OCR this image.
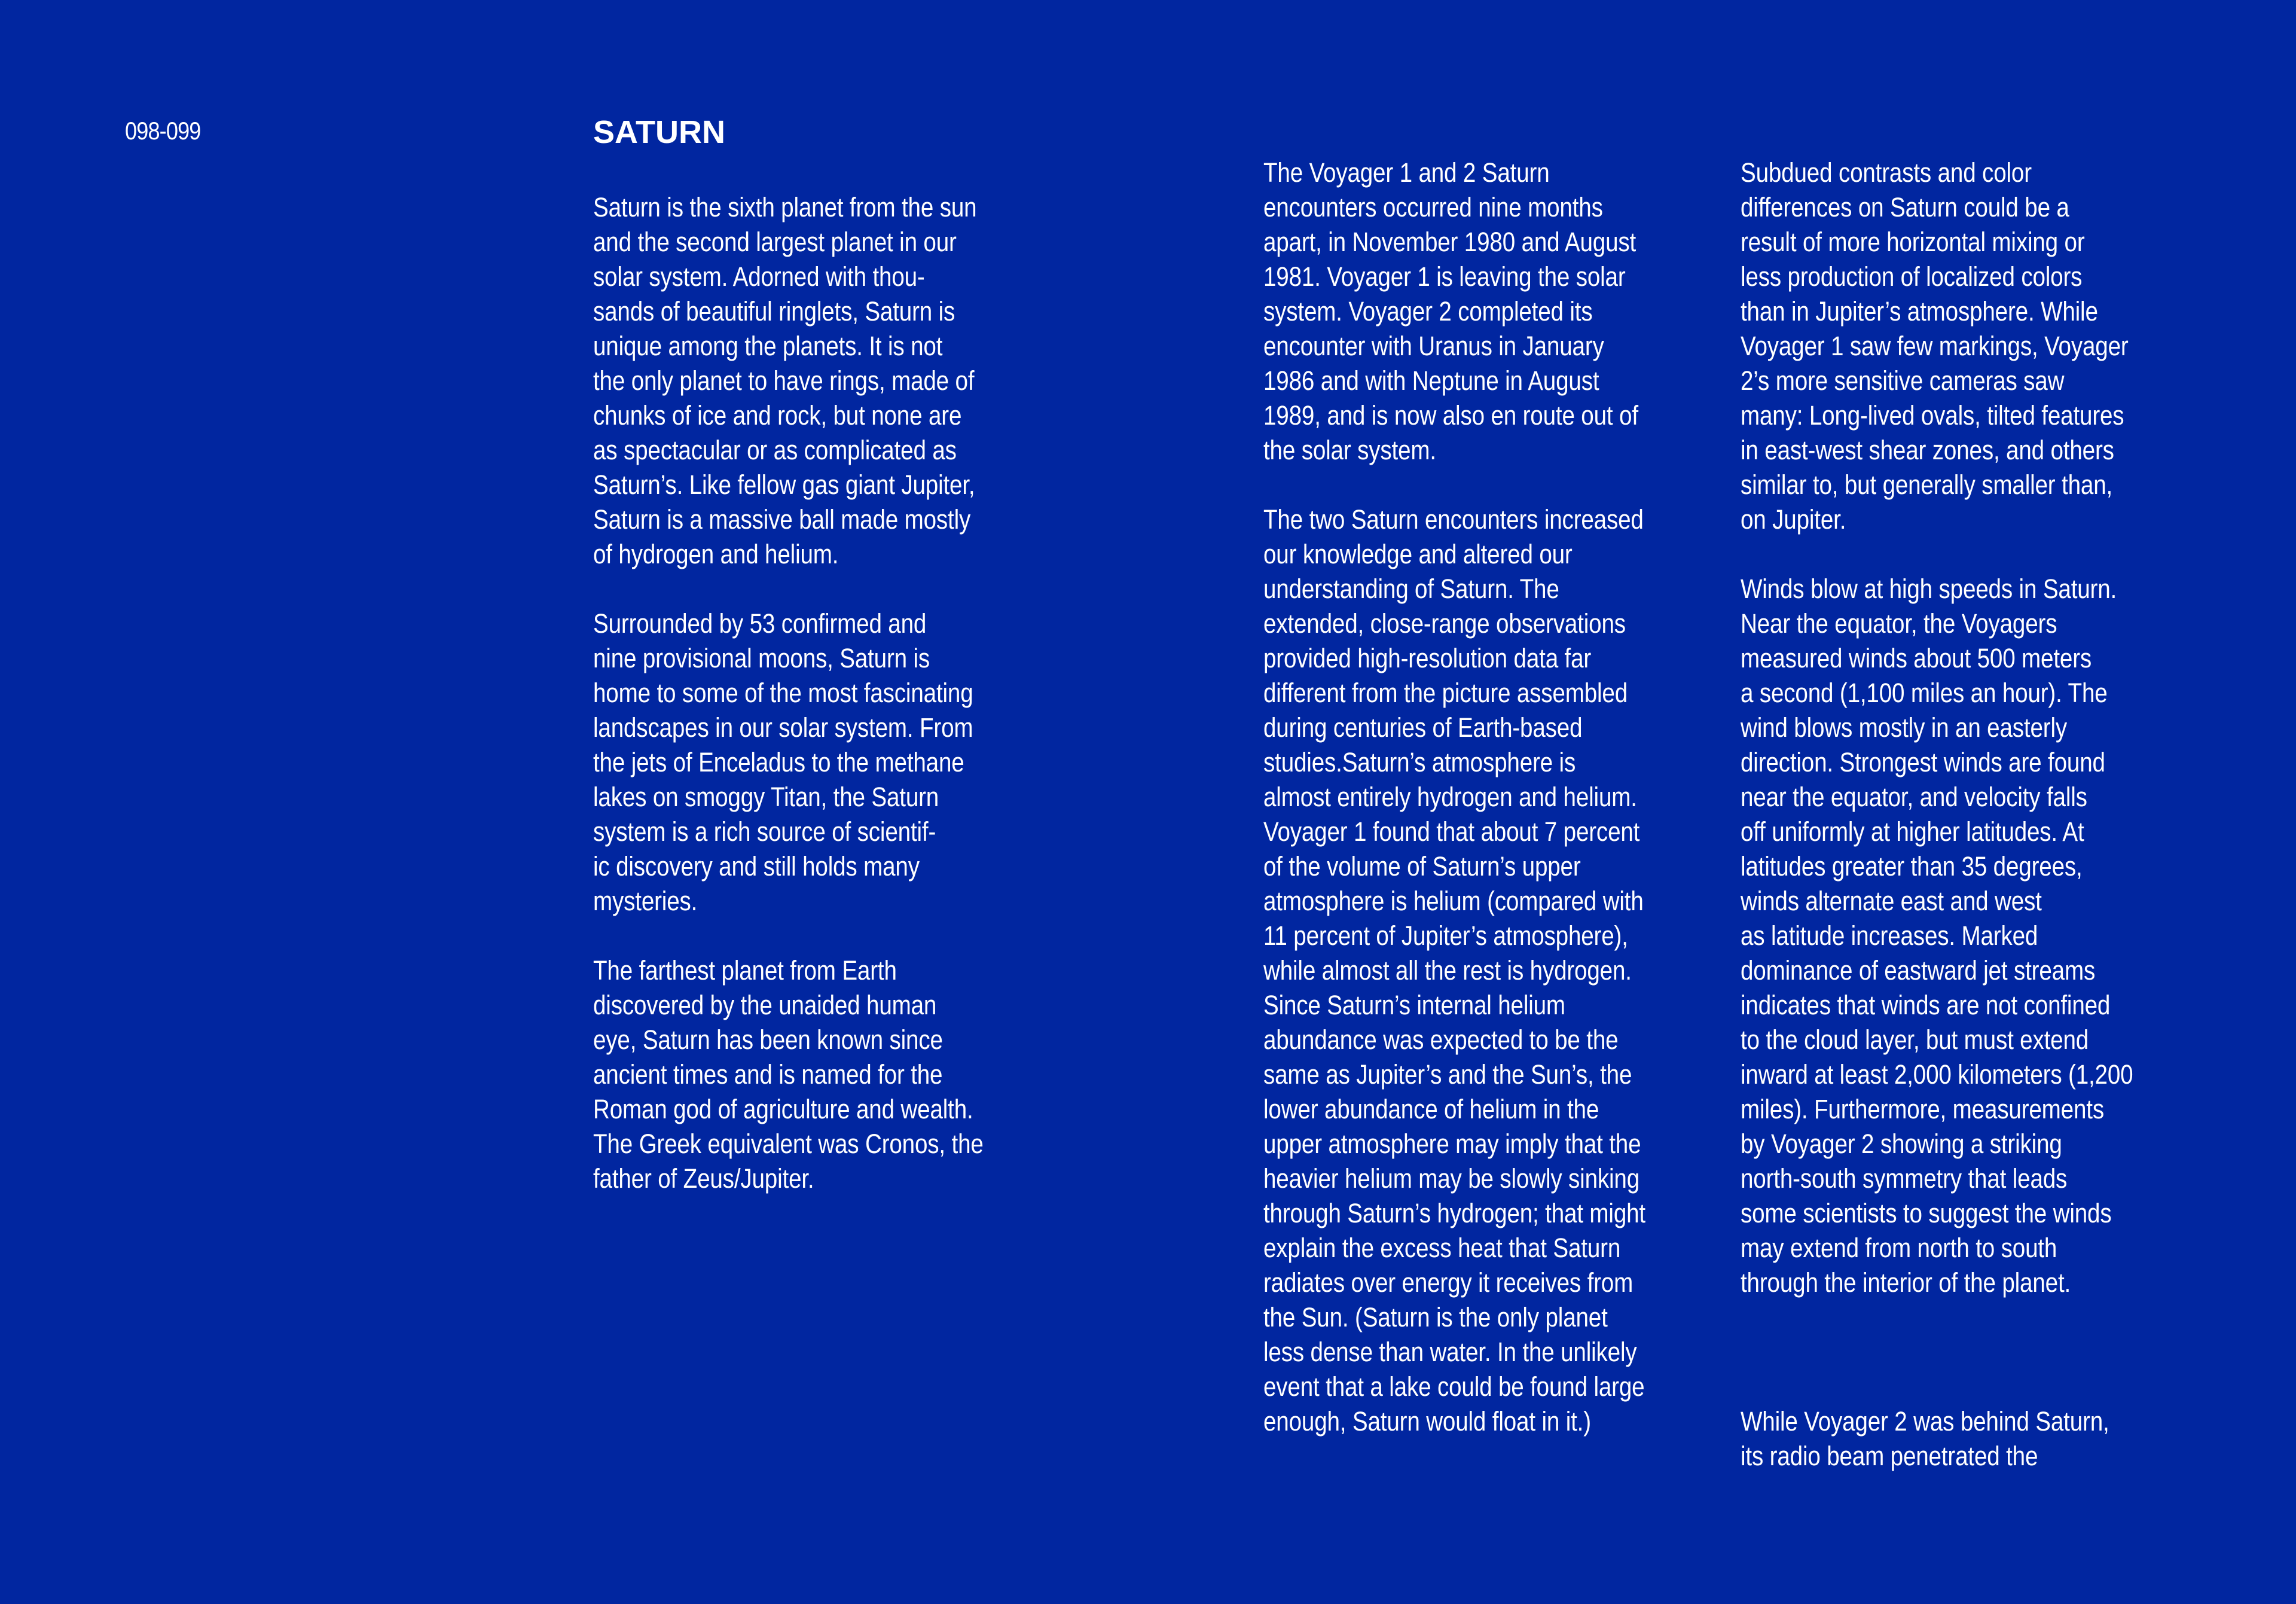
098-099	SATURN

Saturn is the sixth planet from the sun
and the second largest planet in our
solar system. Adorned with thou-
sands of beautiful ringlets, Saturn is
unique among the planets. It is not
the only planet to have rings, made of
chunks of ice and rock, but none are
as spectacular or as complicated as
Saturn’s. Like fellow gas giant Jupiter,
Saturn is a massive ball made mostly
of hydrogen and helium.

Surrounded by 53 confirmed and
nine provisional moons, Saturn is
home to some of the most fascinating
landscapes in our solar system. From
the jets of Enceladus to the methane
lakes on smoggy Titan, the Saturn
system is a rich source of scientif-
ic discovery and still holds many
mysteries.

The farthest planet from Earth
discovered by the unaided human
eye, Saturn has been known since
ancient times and is named for the
Roman god of agriculture and wealth.
The Greek equivalent was Cronos, the
father of Zeus/Jupiter.

The Voyager 1 and 2 Saturn
encounters occurred nine months
apart, in November 1980 and August
1981. Voyager 1 is leaving the solar
system. Voyager 2 completed its
encounter with Uranus in January
1986 and with Neptune in August
1989, and is now also en route out of
the solar system.

The two Saturn encounters increased
our knowledge and altered our
understanding of Saturn. The
extended, close-range observations
provided high-resolution data far
different from the picture assembled
during centuries of Earth-based
studies.Saturn’s atmosphere is
almost entirely hydrogen and helium.
Voyager 1 found that about 7 percent
of the volume of Saturn’s upper
atmosphere is helium (compared with
11 percent of Jupiter’s atmosphere),
while almost all the rest is hydrogen.
Since Saturn’s internal helium
abundance was expected to be the
same as Jupiter’s and the Sun’s, the
lower abundance of helium in the
upper atmosphere may imply that the
heavier helium may be slowly sinking
through Saturn’s hydrogen; that might
explain the excess heat that Saturn
radiates over energy it receives from
the Sun. (Saturn is the only planet
less dense than water. In the unlikely
event that a lake could be found large
enough, Saturn would float in it.)

Subdued contrasts and color
differences on Saturn could be a
result of more horizontal mixing or
less production of localized colors
than in Jupiter’s atmosphere. While
Voyager 1 saw few markings, Voyager
2’s more sensitive cameras saw
many: Long-lived ovals, tilted features
in east-west shear zones, and others
similar to, but generally smaller than,
on Jupiter.

Winds blow at high speeds in Saturn.
Near the equator, the Voyagers
measured winds about 500 meters
a second (1,100 miles an hour). The
wind blows mostly in an easterly
direction. Strongest winds are found
near the equator, and velocity falls
off uniformly at higher latitudes. At
latitudes greater than 35 degrees,
winds alternate east and west
as latitude increases. Marked
dominance of eastward jet streams
indicates that winds are not confined
to the cloud layer, but must extend
inward at least 2,000 kilometers (1,200
miles). Furthermore, measurements
by Voyager 2 showing a striking
north-south symmetry that leads
some scientists to suggest the winds
may extend from north to south
through the interior of the planet.

While Voyager 2 was behind Saturn,
its radio beam penetrated the
